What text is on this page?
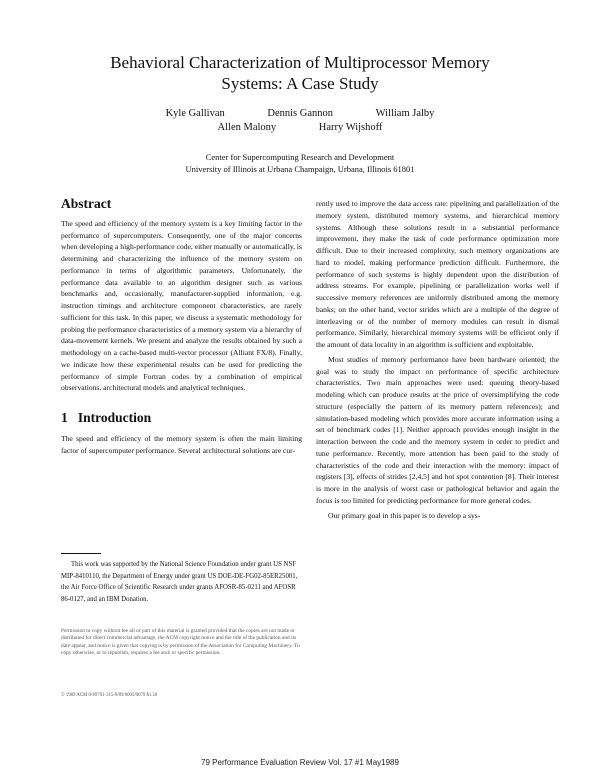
Behavioral Characterization of Multiprocessor Memory
Systems: A Case Study
Kyle Gallivan	Dennis Gannon	William Jalby
Allen Malony	Harry Wijshoff
Center for Supercomputing Research and Development
University of Illinois at Urbana Champaign, Urbana, Illinois 61801
Abstract

The speed and efficiency of the memory system is a key limiting factor in the performance of supercomputers. Consequently, one of the major concerns when developing a high-performance code, either manually or automatically, is determining and characterizing the influence of the memory system on performance in terms of algorithmic parameters. Unfortunately, the performance data available to an algorithm designer such as various benchmarks and, occasionally, manufacturer-supplied information, e.g. instruction timings and architecture component characteristics, are rarely sufficient for this task. In this paper, we discuss a systematic methodology for probing the performance characteristics of a memory system via a hierarchy of data-movement kernels. We present and analyze the results obtained by such a methodology on a cache-based multi-vector processor (Alliant FX/8). Finally, we indicate how these experimental results can be used for predicting the performance of simple Fortran codes by a combination of empirical observations, architectural models and analytical techniques.

1 Introduction

The speed and efficiency of the memory system is often the main limiting factor of supercomputer performance. Several architectural solutions are cur-

This work was supported by the National Science Foundation under grant US NSF MIP-8410110, the Department of Energy under grant US DOE-DE-FG02-85ER25001, the Air Force Office of Scientific Research under grants AFOSR-85-0211 and AFOSR 86-0127, and an IBM Donation.

Permission to copy without fee all or part of this material is granted provided that the copies are not made or distributed for direct commercial advantage, the ACM copyright notice and the title of the publication and its date appear, and notice is given that copying is by permission of the Association for Computing Machinery. To copy otherwise, or to republish, requires a fee and/ or specific permission.

© 1989 ACM 0-89791-315-9/89/0005/0079 $1.50

rently used to improve the data access rate: pipelining and parallelization of the memory system, distributed memory systems, and hierarchical memory systems. Although these solutions result in a substantial performance improvement, they make the task of code performance optimization more difficult. Due to their increased complexity, such memory organizations are hard to model, making performance prediction difficult. Furthermore, the performance of such systems is highly dependent upon the distribution of address streams. For example, pipelining or parallelization works well if successive memory references are uniformly distributed among the memory banks; on the other hand, vector strides which are a multiple of the degree of interleaving or of the number of memory modules can result in dismal performance. Similarly, hierarchical memory systems will be efficient only if the amount of data locality in an algorithm is sufficient and exploitable.

Most studies of memory performance have been hardware oriented; the goal was to study the impact on performance of specific architecture characteristics. Two main approaches were used: queuing theory-based modeling which can produce results at the price of oversimplifying the code structure (especially the pattern of its memory pattern references); and simulation-based modeling which provides more accurate information using a set of benchmark codes [1]. Neither approach provides enough insight in the interaction between the code and the memory system in order to predict and tune performance. Recently, more attention has been paid to the study of characteristics of the code and their interaction with the memory: impact of registers [3], effects of strides [2,4,5] and hot spot contention [8]. Their interest is more in the analysis of worst case or pathological behavior and again the focus is too limited for predicting performance for more general codes.

Our primary goal in this paper is to develop a sys-

79 Performance Evaluation Review Vol. 17 #1 May1989
